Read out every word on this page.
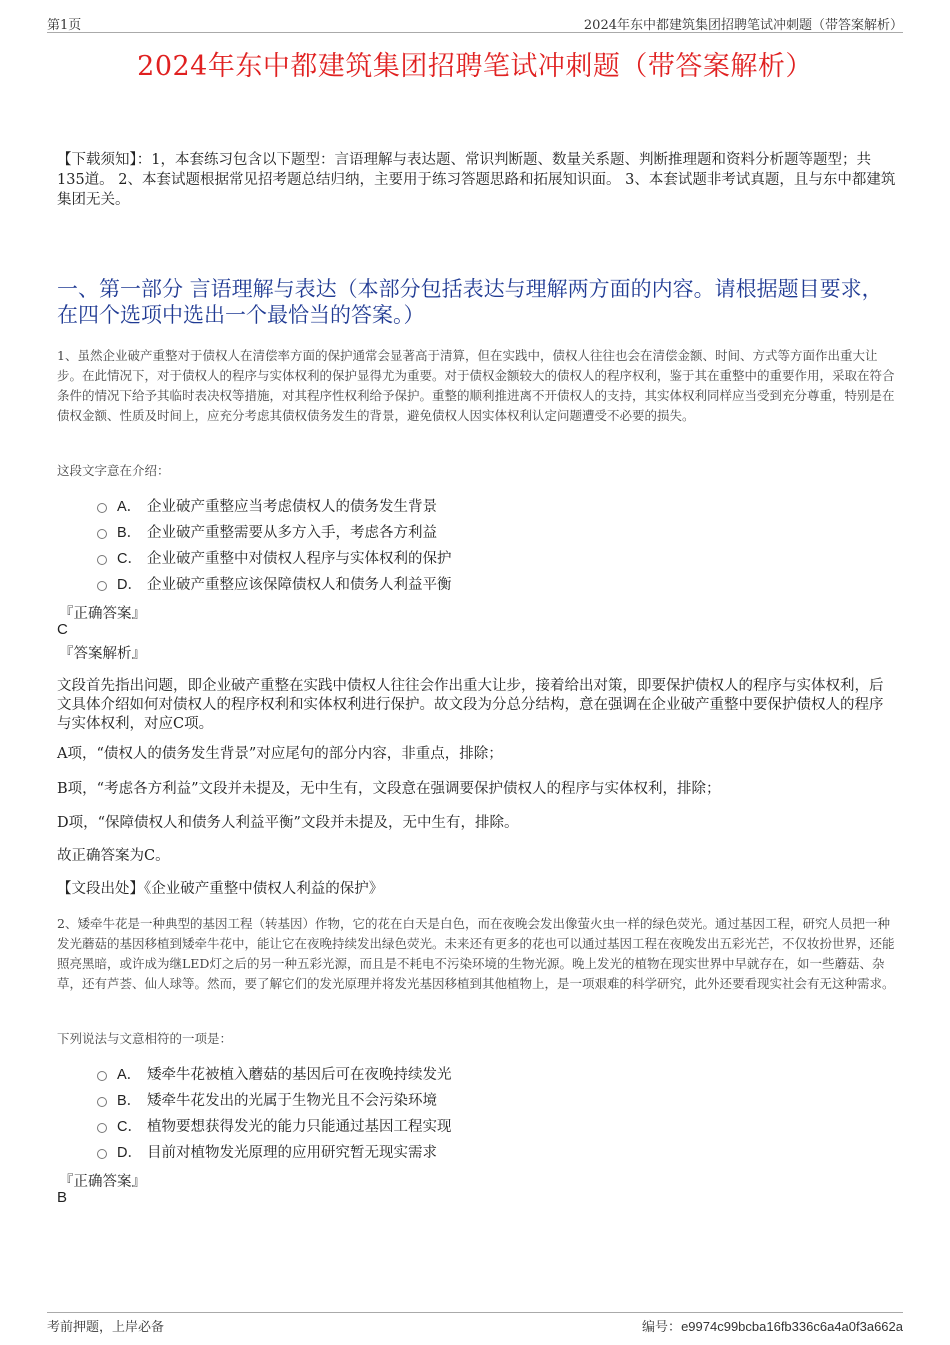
第1页	2024年东中都建筑集团招聘笔试冲刺题（带答案解析）
2024年东中都建筑集团招聘笔试冲刺题（带答案解析）
【下载须知】：1，本套练习包含以下题型：言语理解与表达题、常识判断题、数量关系题、判断推理题和资料分析题等题型；共135道。 2、本套试题根据常见招考题总结归纳，主要用于练习答题思路和拓展知识面。 3、本套试题非考试真题，且与东中都建筑集团无关。
一、第一部分 言语理解与表达（本部分包括表达与理解两方面的内容。请根据题目要求，在四个选项中选出一个最恰当的答案。）
1、虽然企业破产重整对于债权人在清偿率方面的保护通常会显著高于清算，但在实践中，债权人往往也会在清偿金额、时间、方式等方面作出重大让步。在此情况下，对于债权人的程序与实体权利的保护显得尤为重要。对于债权金额较大的债权人的程序权利，鉴于其在重整中的重要作用，采取在符合条件的情况下给予其临时表决权等措施，对其程序性权利给予保护。重整的顺利推进离不开债权人的支持，其实体权利同样应当受到充分尊重，特别是在债权金额、性质及时间上，应充分考虑其债权债务发生的背景，避免债权人因实体权利认定问题遭受不必要的损失。
这段文字意在介绍：
A． 企业破产重整应当考虑债权人的债务发生背景
B． 企业破产重整需要从多方入手，考虑各方利益
C． 企业破产重整中对债权人程序与实体权利的保护
D． 企业破产重整应该保障债权人和债务人利益平衡
『正确答案』
C
『答案解析』
文段首先指出问题，即企业破产重整在实践中债权人往往会作出重大让步，接着给出对策，即要保护债权人的程序与实体权利，后文具体介绍如何对债权人的程序权利和实体权利进行保护。故文段为分总分结构，意在强调在企业破产重整中要保护债权人的程序与实体权利，对应C项。
A项，“债权人的债务发生背景”对应尾句的部分内容，非重点，排除；
B项，“考虑各方利益”文段并未提及，无中生有，文段意在强调要保护债权人的程序与实体权利，排除；
D项，“保障债权人和债务人利益平衡”文段并未提及，无中生有，排除。
故正确答案为C。
【文段出处】《企业破产重整中债权人利益的保护》
2、矮牵牛花是一种典型的基因工程（转基因）作物，它的花在白天是白色，而在夜晚会发出像萤火虫一样的绿色荧光。通过基因工程，研究人员把一种发光蘑菇的基因移植到矮牵牛花中，能让它在夜晚持续发出绿色荧光。未来还有更多的花也可以通过基因工程在夜晚发出五彩光芒，不仅妆扮世界，还能照亮黑暗，或许成为继LED灯之后的另一种五彩光源，而且是不耗电不污染环境的生物光源。晚上发光的植物在现实世界中早就存在，如一些蘑菇、杂草，还有芦荟、仙人球等。然而，要了解它们的发光原理并将发光基因移植到其他植物上，是一项艰难的科学研究，此外还要看现实社会有无这种需求。
下列说法与文意相符的一项是：
A． 矮牵牛花被植入蘑菇的基因后可在夜晚持续发光
B． 矮牵牛花发出的光属于生物光且不会污染环境
C． 植物要想获得发光的能力只能通过基因工程实现
D． 目前对植物发光原理的应用研究暂无现实需求
『正确答案』
B
考前押题，上岸必备	编号：e9974c99bcba16fb336c6a4a0f3a662a
